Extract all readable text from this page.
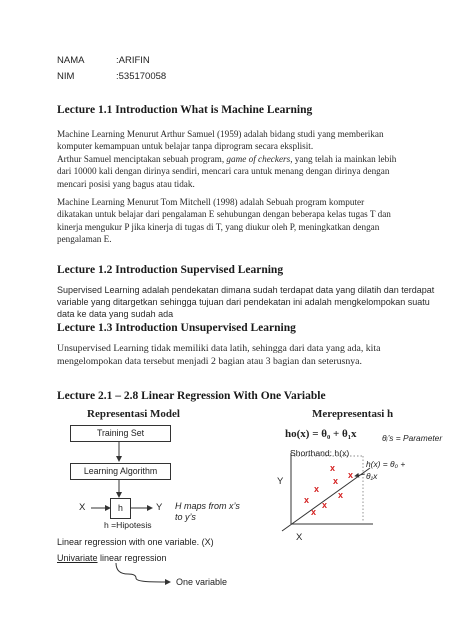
NAMA	:ARIFIN
NIM	:535170058
Lecture 1.1 Introduction What is Machine Learning
Machine Learning Menurut Arthur Samuel (1959) adalah bidang studi yang memberikan
komputer kemampuan untuk belajar tanpa diprogram secara eksplisit.
Arthur Samuel menciptakan sebuah program, game of checkers, yang telah ia mainkan lebih
dari 10000 kali dengan dirinya sendiri, mencari cara untuk menang dengan dirinya dengan
mencari posisi yang bagus atau tidak.
Machine Learning Menurut Tom Mitchell (1998) adalah Sebuah program komputer
dikatakan untuk belajar dari pengalaman E sehubungan dengan beberapa kelas tugas T dan
kinerja mengukur P jika kinerja di tugas di T, yang diukur oleh P, meningkatkan dengan
pengalaman E.
Lecture 1.2 Introduction Supervised Learning
Supervised Learning adalah pendekatan dimana sudah terdapat data yang dilatih dan terdapat
variable yang ditargetkan sehingga tujuan dari pendekatan ini adalah mengkelompokan suatu
data ke data yang sudah ada
Lecture 1.3 Introduction Unsupervised Learning
Unsupervised Learning tidak memiliki data latih, sehingga dari data yang ada, kita
mengelompokan data tersebut menjadi 2 bagian atau 3 bagian dan seterusnya.
Lecture 2.1 – 2.8 Linear Regression With One Variable
Representasi Model	Merepresentasi h
Training Set
Learning Algorithm
h
X	Y H maps from x’s
to y’s
h =Hipotesis
ho(x) = θ₀ + θ₁x	θᵢ’s = Parameter
Shorthand: h(x)
h(x) = θ₀ +
θ₁x
Y
X
x
x
x
x
x
x x
x
Linear regression with one variable. (X)
Univariate linear regression
One variable
